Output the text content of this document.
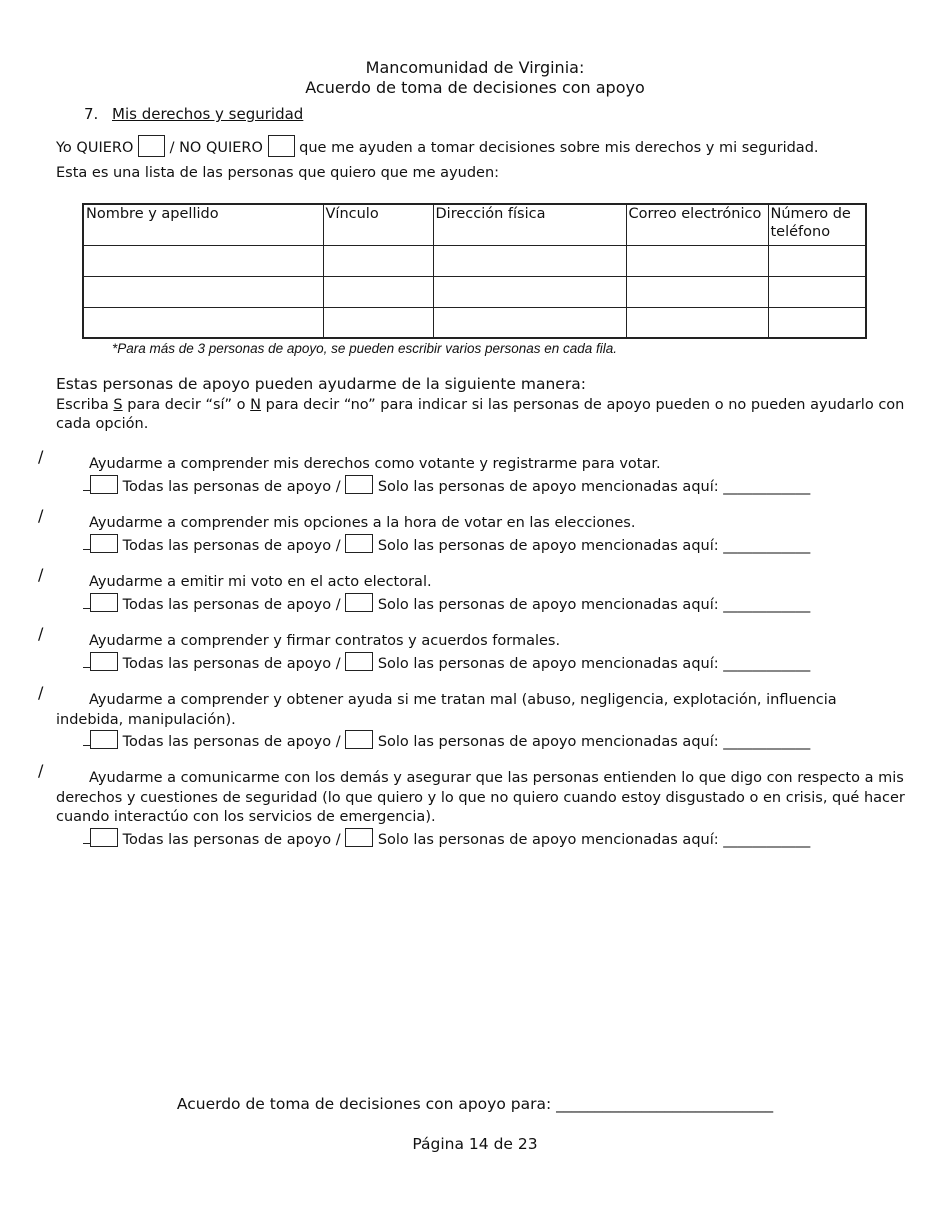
Mancomunidad de Virginia:
Acuerdo de toma de decisiones con apoyo
7. Mis derechos y seguridad
Yo QUIERO / NO QUIERO que me ayuden a tomar decisiones sobre mis derechos y mi seguridad.
Esta es una lista de las personas que quiero que me ayuden:
Nombre y apellido	Vínculo	Dirección física	Correo electrónico	Número de teléfono

*Para más de 3 personas de apoyo, se pueden escribir varios personas en cada fila.
Estas personas de apoyo pueden ayudarme de la siguiente manera:
Escriba S para decir “sí” o N para decir “no” para indicar si las personas de apoyo pueden o no pueden ayudarlo con cada opción.
/	Ayudarme a comprender mis derechos como votante y registrarme para votar.
Todas las personas de apoyo /	Solo las personas de apoyo mencionadas aquí: ____________
/	Ayudarme a comprender mis opciones a la hora de votar en las elecciones.
Todas las personas de apoyo /	Solo las personas de apoyo mencionadas aquí: ____________
/	Ayudarme a emitir mi voto en el acto electoral.
Todas las personas de apoyo /	Solo las personas de apoyo mencionadas aquí: ____________
/	Ayudarme a comprender y firmar contratos y acuerdos formales.
Todas las personas de apoyo /	Solo las personas de apoyo mencionadas aquí: ____________
/	Ayudarme a comprender y obtener ayuda si me tratan mal (abuso, negligencia, explotación, influencia indebida, manipulación).
Todas las personas de apoyo /	Solo las personas de apoyo mencionadas aquí: ____________
/	Ayudarme a comunicarme con los demás y asegurar que las personas entienden lo que digo con respecto a mis derechos y cuestiones de seguridad (lo que quiero y lo que no quiero cuando estoy disgustado o en crisis, qué hacer cuando interactúo con los servicios de emergencia).
Todas las personas de apoyo /	Solo las personas de apoyo mencionadas aquí: ____________
Acuerdo de toma de decisiones con apoyo para: ____________________________
Página 14 de 23
